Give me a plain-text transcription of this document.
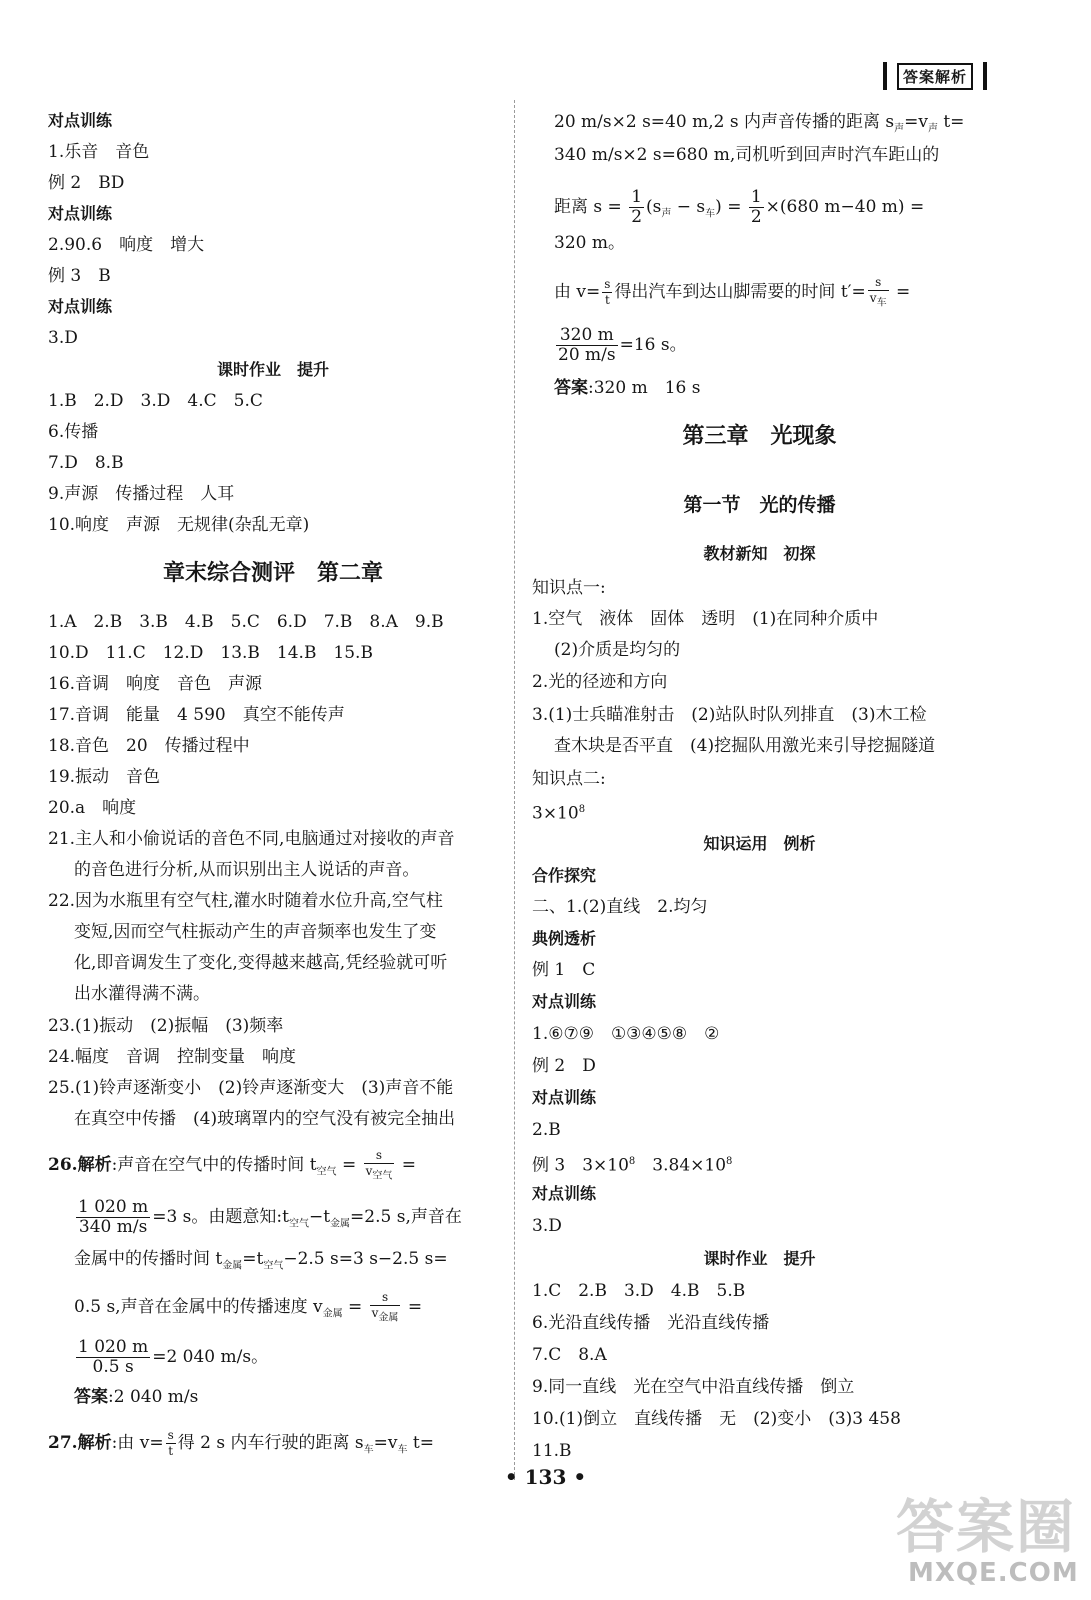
答案解析
对点训练
1.乐音　音色
例 2　BD
对点训练
2.90.6　响度　增大
例 3　B
对点训练
3.D
课时作业　提升
1.B　2.D　3.D　4.C　5.C
6.传播
7.D　8.B
9.声源　传播过程　人耳
10.响度　声源　无规律(杂乱无章)
章末综合测评　第二章
1.A　2.B　3.B　4.B　5.C　6.D　7.B　8.A　9.B
10.D　11.C　12.D　13.B　14.B　15.B
16.音调　响度　音色　声源
17.音调　能量　4 590　真空不能传声
18.音色　20　传播过程中
19.振动　音色
20.a　响度
21.主人和小偷说话的音色不同,电脑通过对接收的声音
的音色进行分析,从而识别出主人说话的声音。
22.因为水瓶里有空气柱,灌水时随着水位升高,空气柱
变短,因而空气柱振动产生的声音频率也发生了变
化,即音调发生了变化,变得越来越高,凭经验就可听
出水灌得满不满。
23.(1)振动　(2)振幅　(3)频率
24.幅度　音调　控制变量　响度
25.(1)铃声逐渐变小　(2)铃声逐渐变大　(3)声音不能
在真空中传播　(4)玻璃罩内的空气没有被完全抽出
26.解析:声音在空气中的传播时间 $t_{空气} = \frac{s}{v_{空气}}$ =
$\frac{1 020 m}{340 m/s} =3$ s。由题意知$:t_{空气}-t_{金属}=2.5$ s,声音在
金属中的传播时间 $t_{金属}=t_{空气}-2.5$ s=3 s−2.5 s=
0.5 s,声音在金属中的传播速度 $v_{金属} = \frac{s}{v_{金属}}$ =
$\frac{1 020 m}{0.5 s} =2$ 040 m/s。
答案:2 040 m/s
27.解析:由 $v= \frac{s}{t}$ 得 2 s 内车行驶的距离 $s_车=v_车$ t=
20 m/s×2 s=40 m,2 s 内声音传播的距离 $s_声=v_声$ t=
340 m/s×2 s=680 m,司机听到回声时汽车距山的
距离 $s = \frac{1}{2} (s_声 - s_车) = \frac{1}{2} \times(680$ m−40 m) =
320 m。
由 $v= \frac{s}{t}$ 得出汽车到达山脚需要的时间 $t'= \frac{s}{v_车}$ =
$\frac{320 m}{20 m/s} =16$ s。
答案:320 m　16 s
第三章　光现象
第一节　光的传播
教材新知　初探
知识点一:
1.空气　液体　固体　透明　(1)在同种介质中
(2)介质是均匀的
2.光的径迹和方向
3.(1)士兵瞄准射击　(2)站队时队列排直　(3)木工检
查木块是否平直　(4)挖掘队用激光来引导挖掘隧道
知识点二:
$3\times 10^8$
知识运用　例析
合作探究
二、1.(2)直线　2.均匀
典例透析
例 1　C
对点训练
1.⑥⑦⑨　①③④⑤⑧　②
例 2　D
对点训练
2.B
例 3　$3\times 10^8$　$3.84\times 10^8$
对点训练
3.D
课时作业　提升
1.C　2.B　3.D　4.B　5.B
6.光沿直线传播　光沿直线传播
7.C　8.A
9.同一直线　光在空气中沿直线传播　倒立
10.(1)倒立　直线传播　无　(2)变小　(3)3 458
11.B
• 133 •
答案圈
MXQE.COM
